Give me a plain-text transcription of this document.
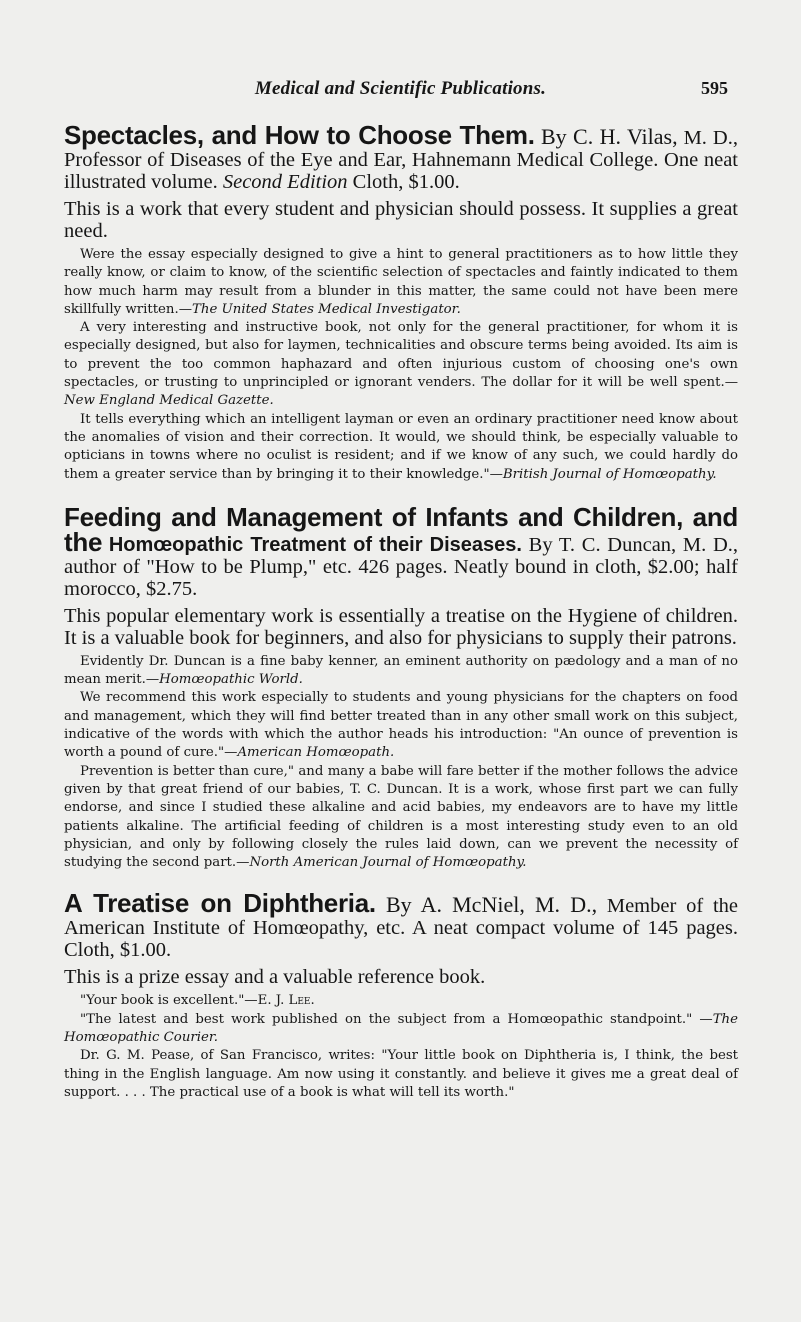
Medical and Scientific Publications.	595

Spectacles, and How to Choose Them. By C. H. Vilas, M. D., Professor of Diseases of the Eye and Ear, Hahnemann Medical College. One neat illustrated volume. Second Edition Cloth, $1.00.

This is a work that every student and physician should possess. It supplies a great need.

Were the essay especially designed to give a hint to general practitioners as to how little they really know, or claim to know, of the scientific selection of spectacles and faintly indicated to them how much harm may result from a blunder in this matter, the same could not have been mere skillfully written.—The United States Medical Investigator.

A very interesting and instructive book, not only for the general practitioner, for whom it is especially designed, but also for laymen, technicalities and obscure terms being avoided. Its aim is to prevent the too common haphazard and often injurious custom of choosing one's own spectacles, or trusting to unprincipled or ignorant venders. The dollar for it will be well spent.—New England Medical Gazette.

It tells everything which an intelligent layman or even an ordinary practitioner need know about the anomalies of vision and their correction. It would, we should think, be especially valuable to opticians in towns where no oculist is resident; and if we know of any such, we could hardly do them a greater service than by bringing it to their knowledge."—British Journal of Homœopathy.

Feeding and Management of Infants and Children, and the Homœopathic Treatment of their Diseases. By T. C. Duncan, M. D., author of "How to be Plump," etc. 426 pages. Neatly bound in cloth, $2.00; half morocco, $2.75.

This popular elementary work is essentially a treatise on the Hygiene of children. It is a valuable book for beginners, and also for physicians to supply their patrons.

Evidently Dr. Duncan is a fine baby kenner, an eminent authority on pædology and a man of no mean merit.—Homœopathic World.

We recommend this work especially to students and young physicians for the chapters on food and management, which they will find better treated than in any other small work on this subject, indicative of the words with which the author heads his introduction: "An ounce of prevention is worth a pound of cure."—American Homœopath.

Prevention is better than cure," and many a babe will fare better if the mother follows the advice given by that great friend of our babies, T. C. Duncan. It is a work, whose first part we can fully endorse, and since I studied these alkaline and acid babies, my endeavors are to have my little patients alkaline. The artificial feeding of children is a most interesting study even to an old physician, and only by following closely the rules laid down, can we prevent the necessity of studying the second part.—North American Journal of Homœopathy.

A Treatise on Diphtheria. By A. McNiel, M. D., Member of the American Institute of Homœopathy, etc. A neat compact volume of 145 pages. Cloth, $1.00.

This is a prize essay and a valuable reference book.

"Your book is excellent."—E. J. Lee.

"The latest and best work published on the subject from a Homœopathic standpoint." —The Homœopathic Courier.

Dr. G. M. Pease, of San Francisco, writes: "Your little book on Diphtheria is, I think, the best thing in the English language. Am now using it constantly. and believe it gives me a great deal of support. . . . The practical use of a book is what will tell its worth."
